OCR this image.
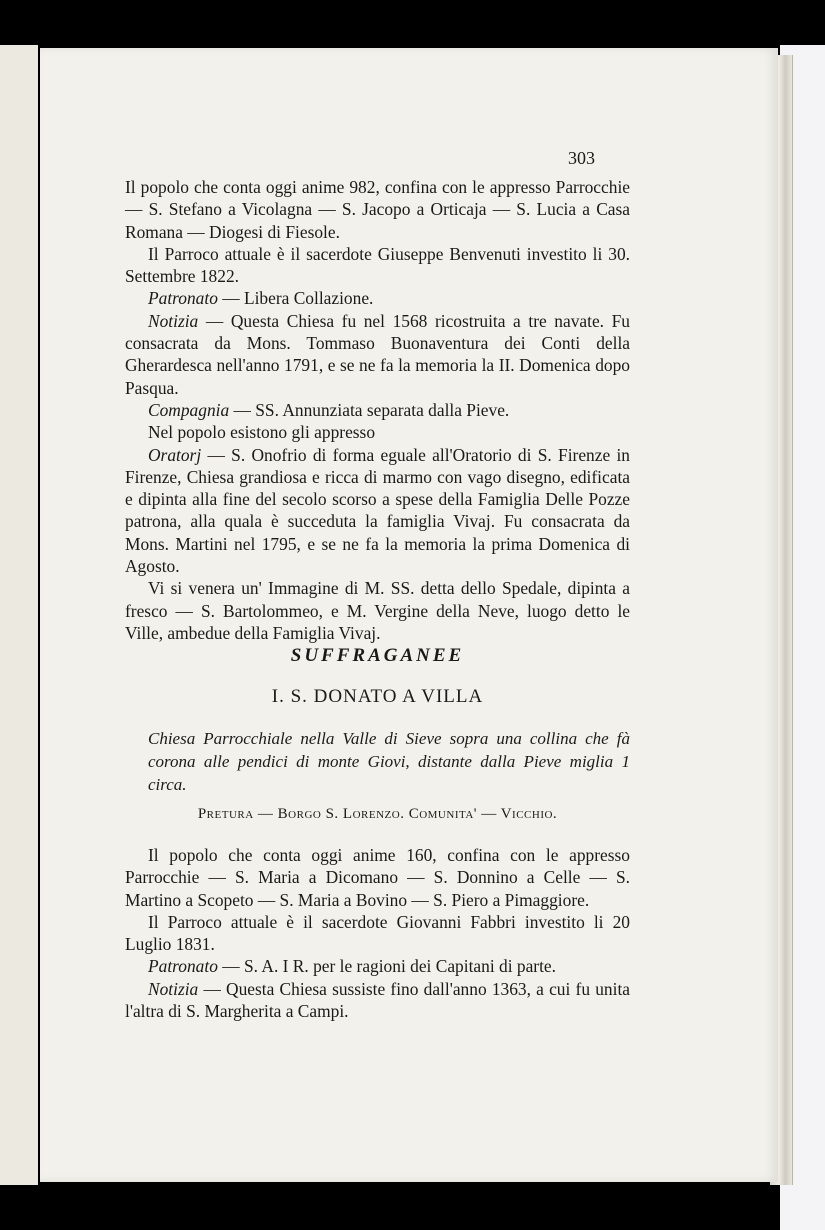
303

Il popolo che conta oggi anime 982, confina con le appresso Parrocchie — S. Stefano a Vicolagna — S. Jacopo a Orticaja — S. Lucia a Casa Romana — Diogesi di Fiesole.

Il Parroco attuale è il sacerdote Giuseppe Benvenuti investito li 30. Settembre 1822.

Patronato — Libera Collazione.

Notizia — Questa Chiesa fu nel 1568 ricostruita a tre navate. Fu consacrata da Mons. Tommaso Buonaventura dei Conti della Gherardesca nell'anno 1791, e se ne fa la memoria la II. Domenica dopo Pasqua.

Compagnia — SS. Annunziata separata dalla Pieve.

Nel popolo esistono gli appresso

Oratorj — S. Onofrio di forma eguale all'Oratorio di S. Firenze in Firenze, Chiesa grandiosa e ricca di marmo con vago disegno, edificata e dipinta alla fine del secolo scorso a spese della Famiglia Delle Pozze patrona, alla quala è succeduta la famiglia Vivaj. Fu consacrata da Mons. Martini nel 1795, e se ne fa la memoria la prima Domenica di Agosto.

Vi si venera un' Immagine di M. SS. detta dello Spedale, dipinta a fresco — S. Bartolommeo, e M. Vergine della Neve, luogo detto le Ville, ambedue della Famiglia Vivaj.

SUFFRAGANEE
I. S. DONATO A VILLA
Chiesa Parrocchiale nella Valle di Sieve sopra una collina che fà corona alle pendici di monte Giovi, distante dalla Pieve miglia 1 circa.
Pretura — Borgo S. Lorenzo. Comunita' — Vicchio.

Il popolo che conta oggi anime 160, confina con le appresso Parrocchie — S. Maria a Dicomano — S. Donnino a Celle — S. Martino a Scopeto — S. Maria a Bovino — S. Piero a Pimaggiore.

Il Parroco attuale è il sacerdote Giovanni Fabbri investito li 20 Luglio 1831.

Patronato — S. A. I R. per le ragioni dei Capitani di parte.

Notizia — Questa Chiesa sussiste fino dall'anno 1363, a cui fu unita l'altra di S. Margherita a Campi.
